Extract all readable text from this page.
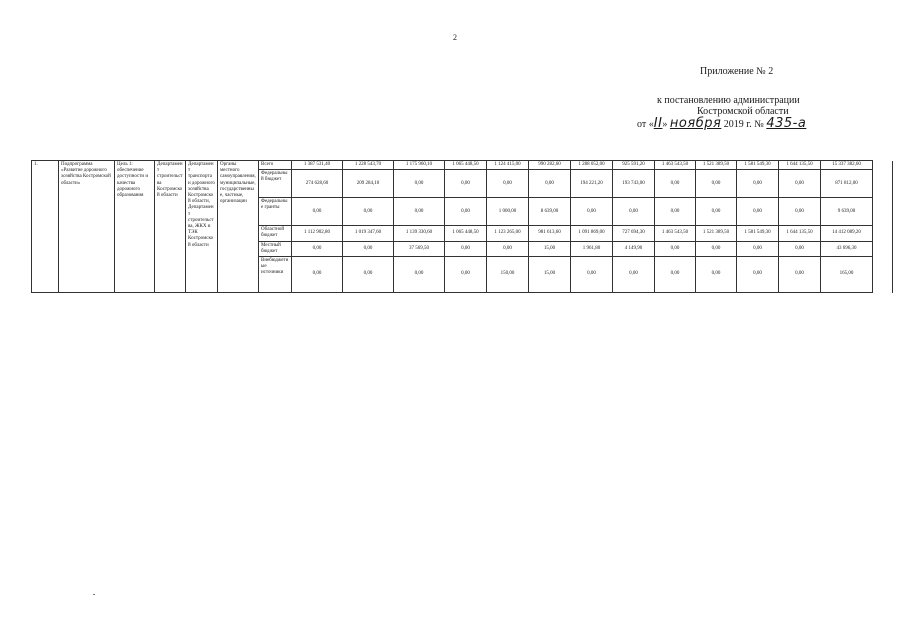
2
Приложение № 2
к постановлению администрации
Костромской области
от «II» ноября 2019 г. № 435-а
1.	Подпрограмма «Развитие дорожного хозяйства Костромской области»	Цель 1: обеспечение доступности и качества дорожного образования	Департамент строительства Костромской области	Департамент транспорта и дорожного хозяйства Костромской области, Департамент строительства, ЖКХ и ТЭК Костромской области	Органы местного самоуправления, муниципальные, государственные, частные, организации	Всего	1 387 531,40	1 228 543,70	1 175 960,10	1 065 448,50	1 124 415,00	990 282,60	1 288 052,00	925 591,20	1 463 543,50	1 521 389,50	1 581 549,30	1 644 135,50	15 337 382,60	
						Федеральный бюджет	274 628,60	209 284,10	0,00	0,00	0,00	0,00	194 221,20	193 743,00	0,00	0,00	0,00	0,00	871 812,00	
						Федеральные гранты	0,00	0,00	0,00	0,00	1 000,00	8 639,00	0,00	0,00	0,00	0,00	0,00	0,00	9 639,00	
						Областной бюджет	1 112 902,80	1 019 347,60	1 139 330,60	1 065 448,50	1 123 265,00	981 613,60	1 091 869,00	727 694,30	1 463 543,50	1 521 389,50	1 581 549,30	1 644 135,50	14 412 089,20	
						Местный бюджет	0,00	0,00	37 569,50	0,00	0,00	15,00	1 961,80	4 149,90	0,00	0,00	0,00	0,00	43 696,30	
						Внебюджетные источники	0,00	0,00	0,00	0,00	150,00	15,00	0,00	0,00	0,00	0,00	0,00	0,00	165,00	
